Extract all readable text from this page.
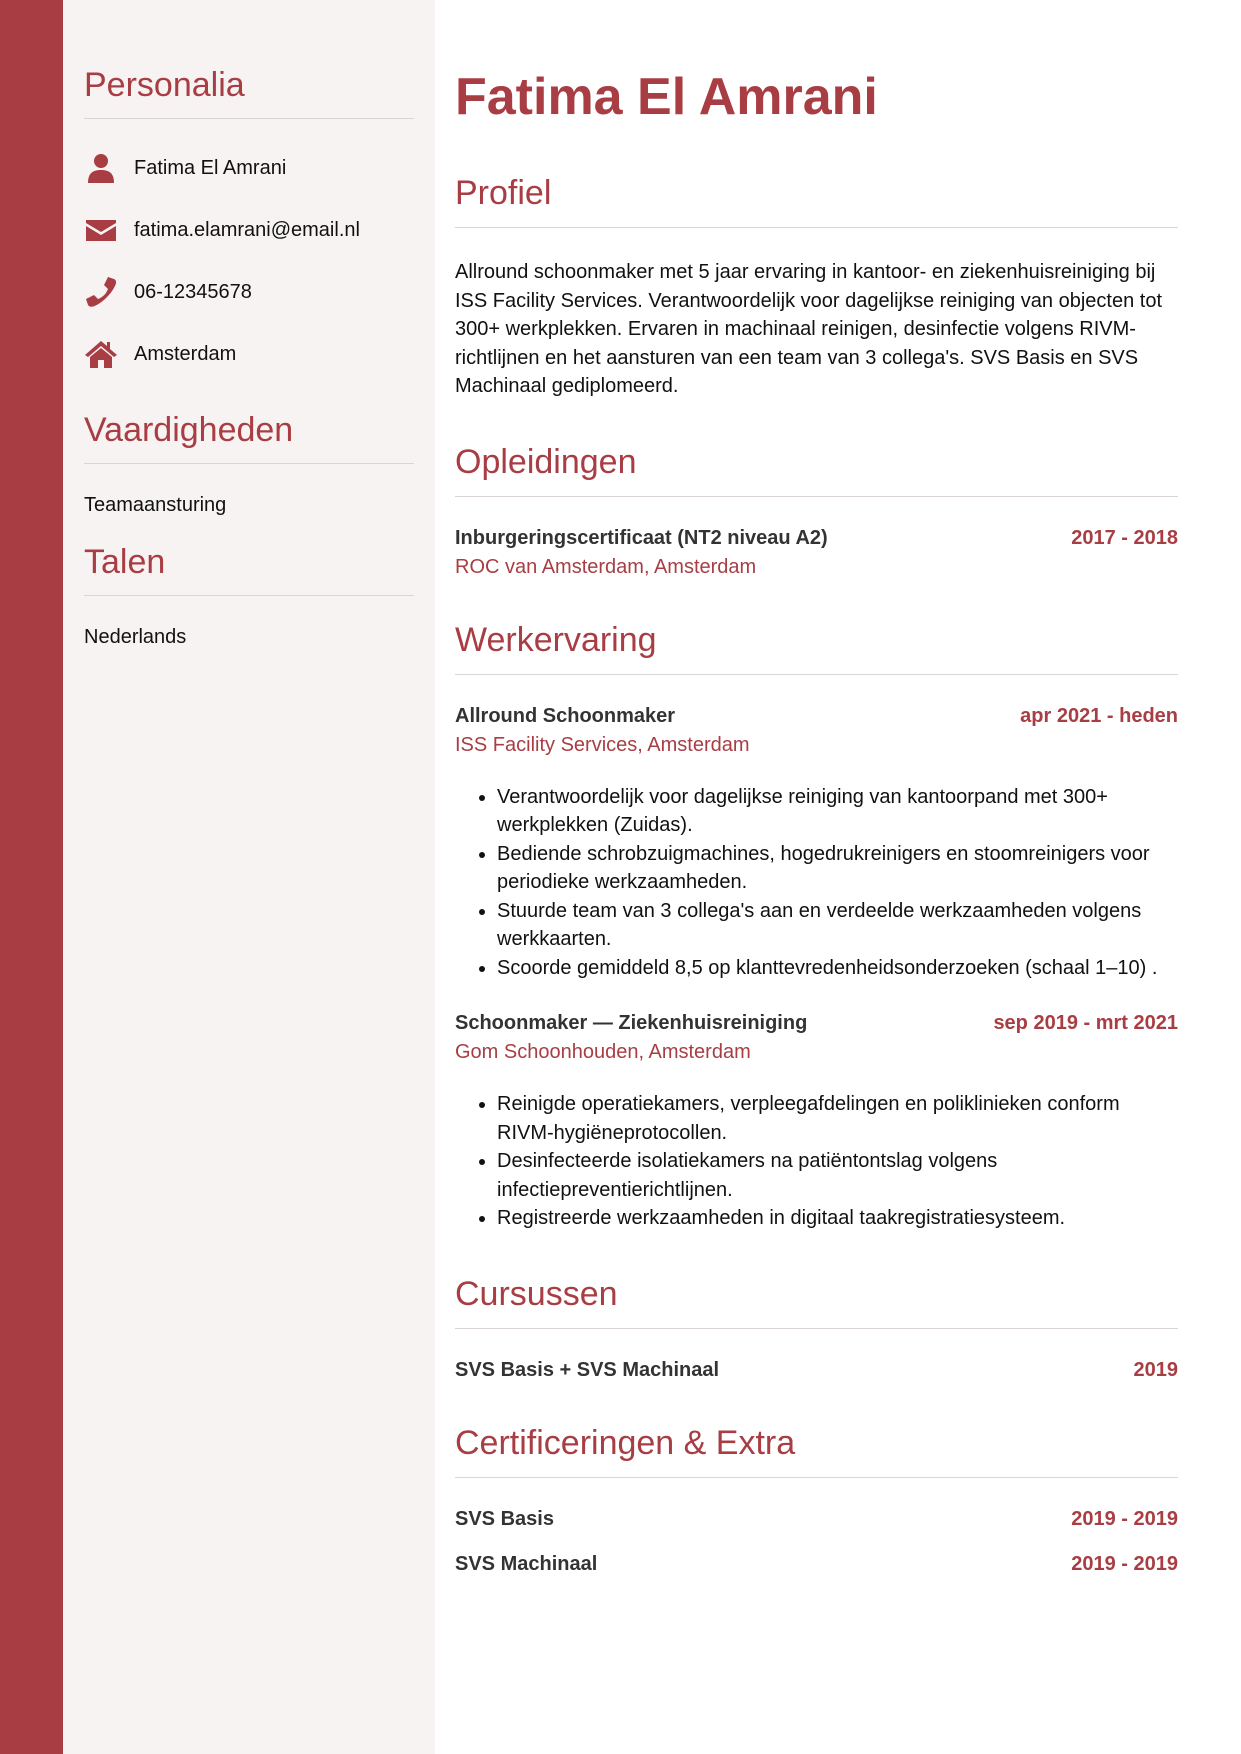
Personalia
Fatima El Amrani
fatima.elamrani@email.nl
06-12345678
Amsterdam
Vaardigheden
Teamaansturing
Talen
Nederlands
Fatima El Amrani
Profiel
Allround schoonmaker met 5 jaar ervaring in kantoor- en ziekenhuisreiniging bij ISS Facility Services. Verantwoordelijk voor dagelijkse reiniging van objecten tot 300+ werkplekken. Ervaren in machinaal reinigen, desinfectie volgens RIVM-richtlijnen en het aansturen van een team van 3 collega's. SVS Basis en SVS Machinaal gediplomeerd.
Opleidingen
Inburgeringscertificaat (NT2 niveau A2)	2017 - 2018
ROC van Amsterdam, Amsterdam
Werkervaring
Allround Schoonmaker	apr 2021 - heden
ISS Facility Services, Amsterdam
• Verantwoordelijk voor dagelijkse reiniging van kantoorpand met 300+ werkplekken (Zuidas).
• Bediende schrobzuigmachines, hogedrukreinigers en stoomreinigers voor periodieke werkzaamheden.
• Stuurde team van 3 collega's aan en verdeelde werkzaamheden volgens werkkaarten.
• Scoorde gemiddeld 8,5 op klanttevredenheidsonderzoeken (schaal 1–10) .
Schoonmaker — Ziekenhuisreiniging	sep 2019 - mrt 2021
Gom Schoonhouden, Amsterdam
• Reinigde operatiekamers, verpleegafdelingen en poliklinieken conform RIVM-hygiëneprotocollen.
• Desinfecteerde isolatiekamers na patiëntontslag volgens infectiepreventierichtlijnen.
• Registreerde werkzaamheden in digitaal taakregistratiesysteem.
Cursussen
SVS Basis + SVS Machinaal	2019
Certificeringen & Extra
SVS Basis	2019 - 2019
SVS Machinaal	2019 - 2019
